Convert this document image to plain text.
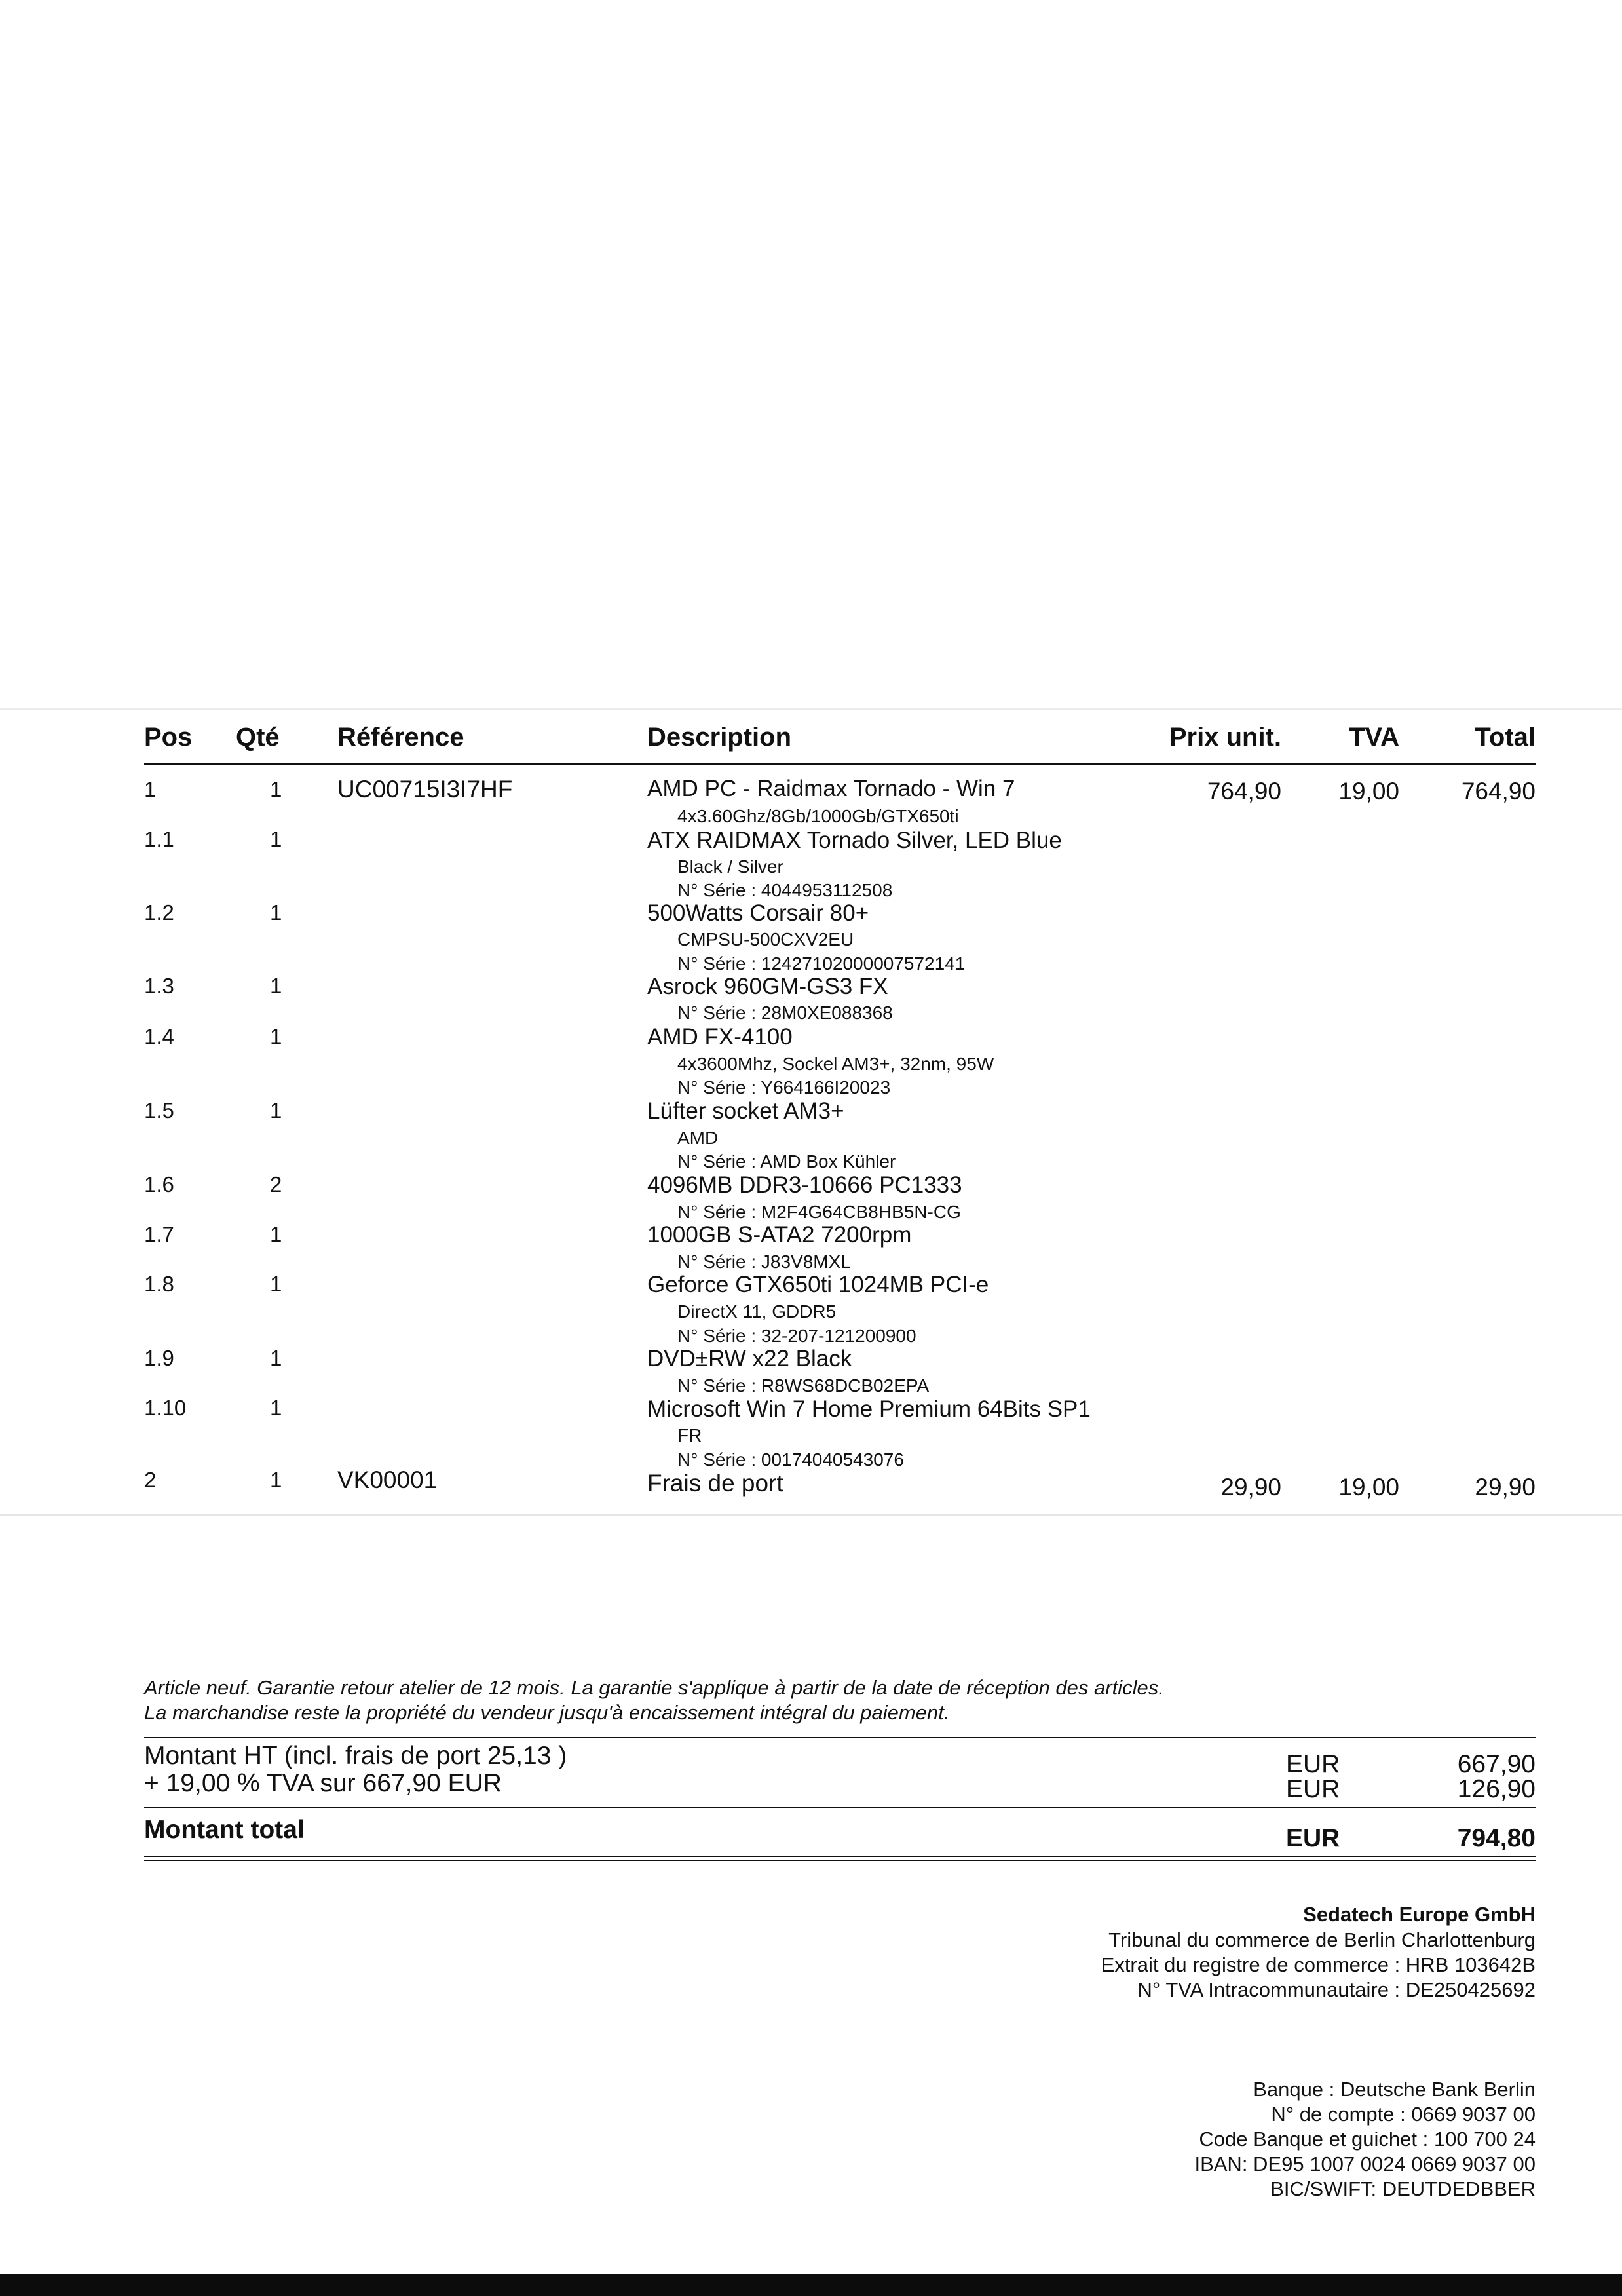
Pos Qté Référence	Description	Prix unit.	TVA	Total
1	1 UC00715I3I7HF	AMD PC - Raidmax Tornado - Win 7
4x3.60Ghz/8Gb/1000Gb/GTX650ti
764,90 19,00	764,90
1.1	1	ATX RAIDMAX Tornado Silver, LED Blue
Black / Silver
N° Série : 4044953112508
1.2	1	500Watts Corsair 80+
CMPSU-500CXV2EU
N° Série : 12427102000007572141
1.3	1	Asrock 960GM-GS3 FX
N° Série : 28M0XE088368
1.4	1	AMD FX-4100
4x3600Mhz, Sockel AM3+, 32nm, 95W
N° Série : Y664166I20023
1.5	1	Lüfter socket AM3+
AMD
N° Série : AMD Box Kühler
1.6	2	4096MB DDR3-10666 PC1333
N° Série : M2F4G64CB8HB5N-CG
1.7	1	1000GB S-ATA2 7200rpm
N° Série : J83V8MXL
1.8	1	Geforce GTX650ti 1024MB PCI-e
DirectX 11, GDDR5
N° Série : 32-207-121200900
1.9	1	DVD±RW x22 Black
N° Série : R8WS68DCB02EPA
1.10	1	Microsoft Win 7 Home Premium 64Bits SP1
FR
N° Série : 00174040543076
2	1 VK00001	Frais de port	29,90 19,00	29,90
Article neuf. Garantie retour atelier de 12 mois. La garantie s'applique à partir de la date de réception des articles.
La marchandise reste la propriété du vendeur jusqu'à encaissement intégral du paiement.
Montant HT (incl. frais de port 25,13 )	EUR	667,90
+ 19,00 % TVA sur 667,90 EUR	EUR	126,90
Montant total	EUR	794,80
Sedatech Europe GmbH
Tribunal du commerce de Berlin Charlottenburg
Extrait du registre de commerce : HRB 103642B
N° TVA Intracommunautaire : DE250425692
Banque : Deutsche Bank Berlin
N° de compte : 0669 9037 00
Code Banque et guichet : 100 700 24
IBAN: DE95 1007 0024 0669 9037 00
BIC/SWIFT: DEUTDEDBBER
